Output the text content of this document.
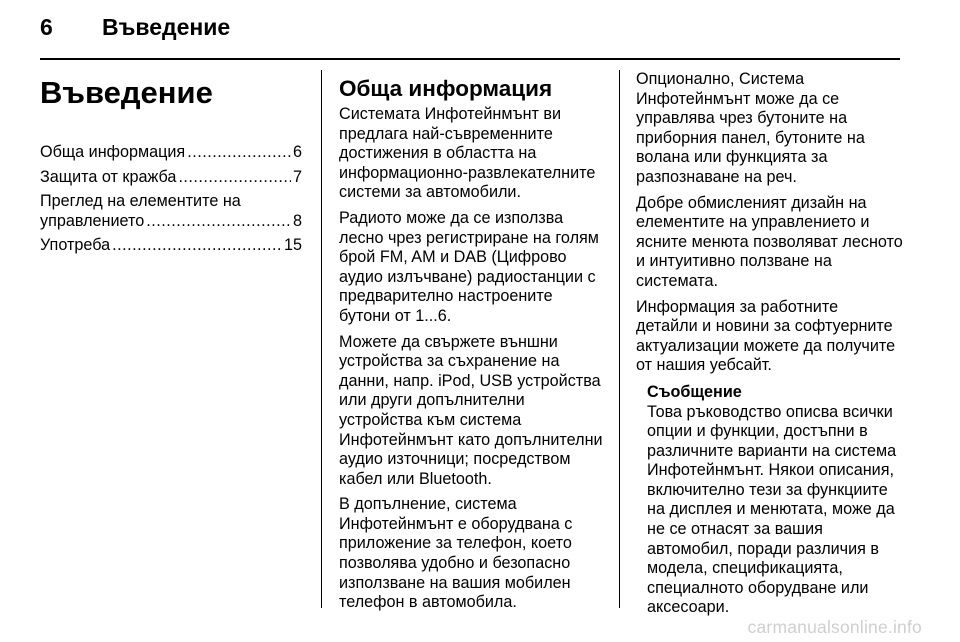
6 Въведение
Въведение
Обща информация .....	6
Защита от кражба .....	7
Преглед на елементите на
управлението .....	8
Употреба .....	15
Обща информация

Системата Инфотейнмънт ви предлага най-съвременните достижения в областта на информационно-развлекателните системи за автомобили.

Радиото може да се използва лесно чрез регистриране на голям брой FM, AM и DAB (Цифрово аудио излъчване) радиостанции с предварително настроените бутони от 1...6.

Можете да свържете външни устройства за съхранение на данни, напр. iPod, USB устройства или други допълнителни устройства към система Инфотейнмънт като допълнителни аудио източници; посредством кабел или Bluetooth.

В допълнение, система Инфотейнмънт е оборудвана с приложение за телефон, което позволява удобно и безопасно използване на вашия мобилен телефон в автомобила.

Опционално, Система Инфотейнмънт може да се управлява чрез бутоните на приборния панел, бутоните на волана или функцията за разпознаване на реч.

Добре обмисленият дизайн на елементите на управлението и ясните менюта позволяват лесното и интуитивно ползване на системата.

Информация за работните детайли и новини за софтуерните актуализации можете да получите от нашия уебсайт.

Съобщение

Това ръководство описва всички опции и функции, достъпни в различните варианти на система Инфотейнмънт. Някои описания, включително тези за функциите на дисплея и менютата, може да не се отнасят за вашия автомобил, поради различия в модела, спецификацията, специалното оборудване или аксесоари.

carmanualsonline.info
